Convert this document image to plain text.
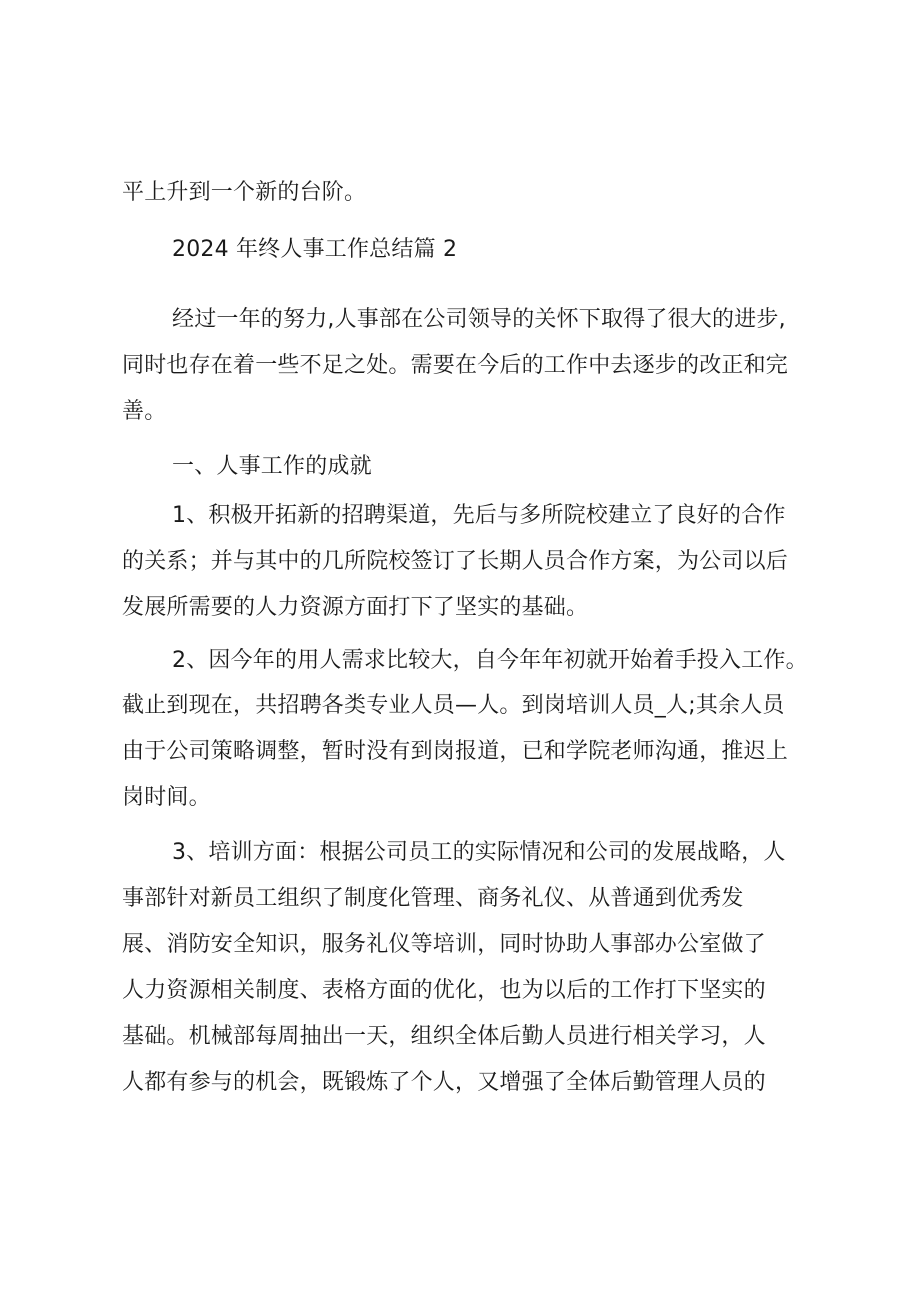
平上升到一个新的台阶。
2024 年终人事工作总结篇 2
经过一年的努力,人事部在公司领导的关怀下取得了很大的进步,
同时也存在着一些不足之处。需要在今后的工作中去逐步的改正和完
善。
一、人事工作的成就
1、积极开拓新的招聘渠道，先后与多所院校建立了良好的合作
的关系；并与其中的几所院校签订了长期人员合作方案，为公司以后
发展所需要的人力资源方面打下了坚实的基础。
2、因今年的用人需求比较大，自今年年初就开始着手投入工作。
截止到现在，共招聘各类专业人员—人。到岗培训人员_人;其余人员
由于公司策略调整，暂时没有到岗报道，已和学院老师沟通，推迟上
岗时间。
3、培训方面：根据公司员工的实际情况和公司的发展战略，人
事部针对新员工组织了制度化管理、商务礼仪、从普通到优秀发
展、消防安全知识，服务礼仪等培训，同时协助人事部办公室做了
人力资源相关制度、表格方面的优化，也为以后的工作打下坚实的
基础。机械部每周抽出一天，组织全体后勤人员进行相关学习，人
人都有参与的机会，既锻炼了个人，又增强了全体后勤管理人员的
